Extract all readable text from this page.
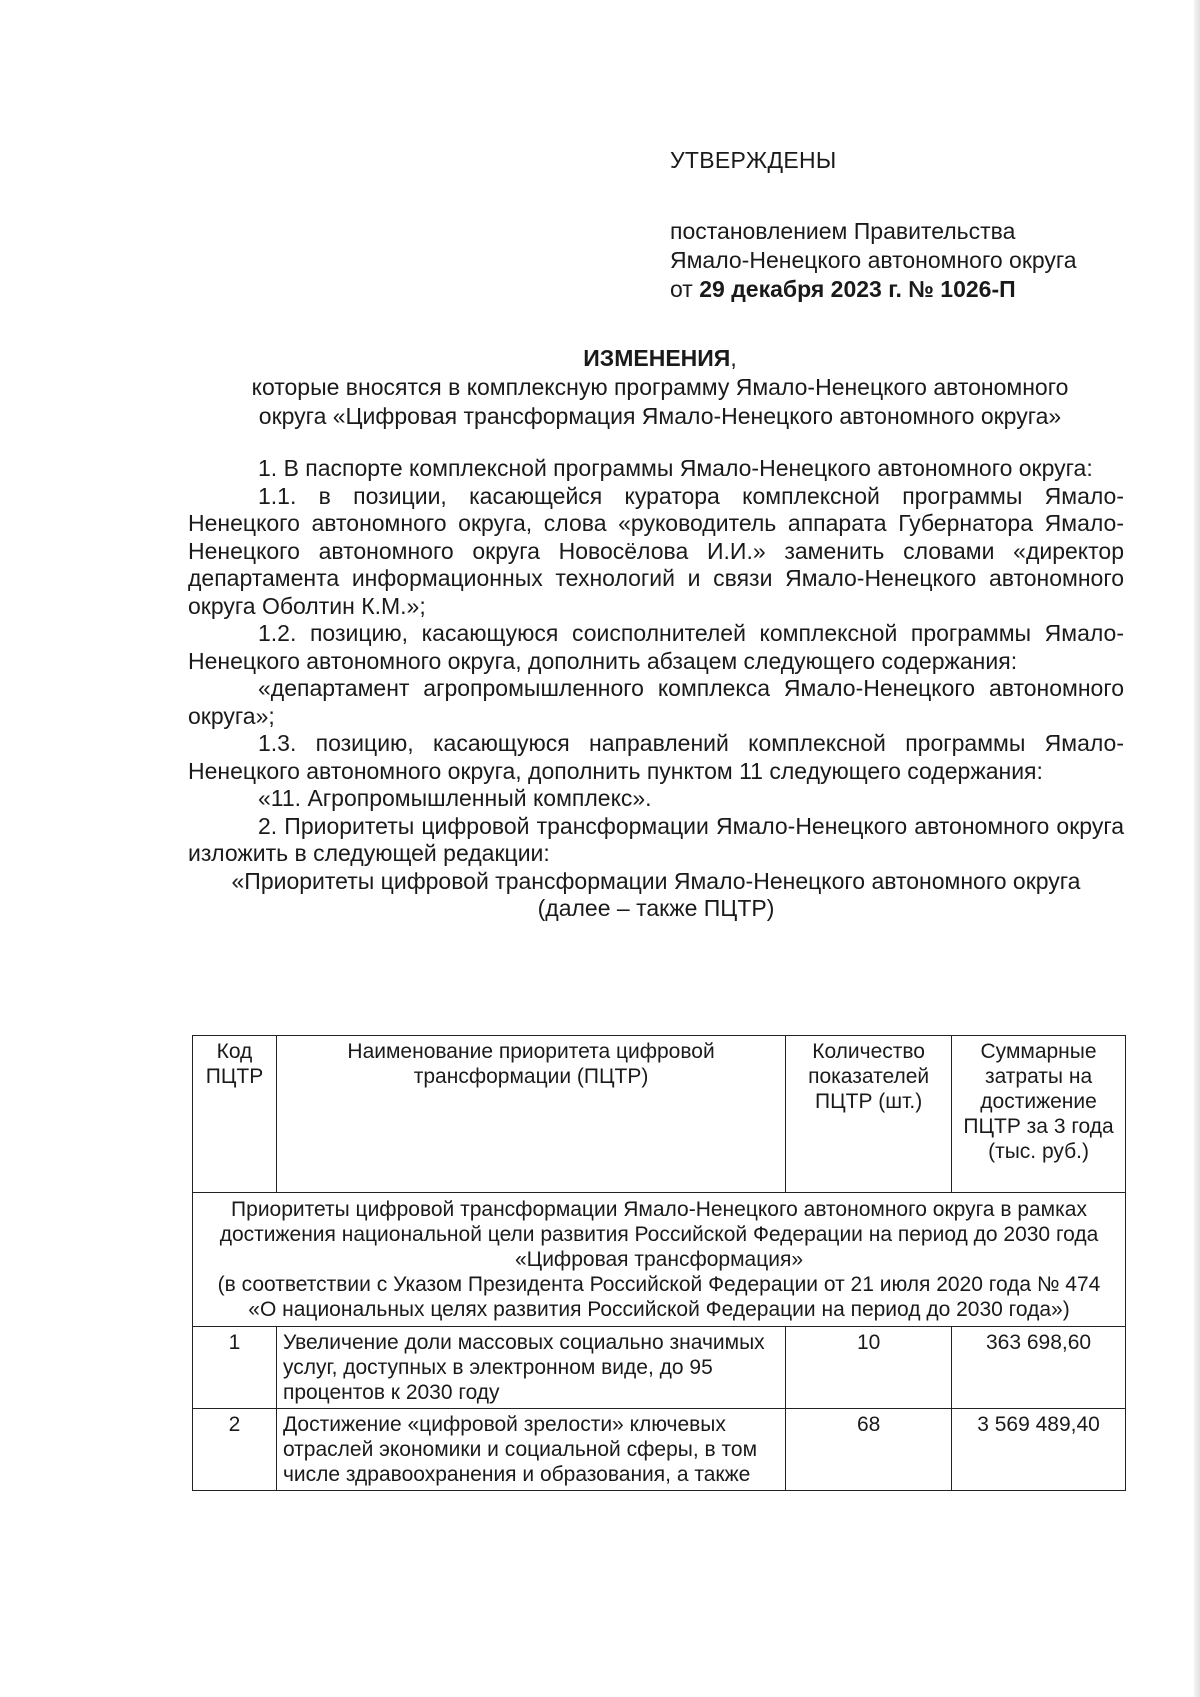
УТВЕРЖДЕНЫ
постановлением Правительства
Ямало-Ненецкого автономного округа
от 29 декабря 2023 г. № 1026-П
ИЗМЕНЕНИЯ,
которые вносятся в комплексную программу Ямало-Ненецкого автономного
округа «Цифровая трансформация Ямало-Ненецкого автономного округа»

1. В паспорте комплексной программы Ямало-Ненецкого автономного округа:

1.1. в позиции, касающейся куратора комплексной программы Ямало-Ненецкого автономного округа, слова «руководитель аппарата Губернатора Ямало-Ненецкого автономного округа Новосёлова И.И.» заменить словами «директор департамента информационных технологий и связи Ямало-Ненецкого автономного округа Оболтин К.М.»;

1.2. позицию, касающуюся соисполнителей комплексной программы Ямало-Ненецкого автономного округа, дополнить абзацем следующего содержания:

«департамент агропромышленного комплекса Ямало-Ненецкого автономного округа»;

1.3. позицию, касающуюся направлений комплексной программы Ямало-Ненецкого автономного округа, дополнить пунктом 11 следующего содержания:

«11. Агропромышленный комплекс».

2. Приоритеты цифровой трансформации Ямало-Ненецкого автономного округа изложить в следующей редакции:

«Приоритеты цифровой трансформации Ямало-Ненецкого автономного округа

(далее – также ПЦТР)

Код ПЦТР	Наименование приоритета цифровой трансформации (ПЦТР)	Количество показателей ПЦТР (шт.)	Суммарные затраты на достижение ПЦТР за 3 года (тыс. руб.)

Приоритеты цифровой трансформации Ямало-Ненецкого автономного округа в рамках достижения национальной цели развития Российской Федерации на период до 2030 года «Цифровая трансформация»
(в соответствии с Указом Президента Российской Федерации от 21 июля 2020 года № 474 «О национальных целях развития Российской Федерации на период до 2030 года»)			

1	Увеличение доли массовых социально значимых услуг, доступных в электронном виде, до 95 процентов к 2030 году	10	363 698,60
2	Достижение «цифровой зрелости» ключевых отраслей экономики и социальной сферы, в том числе здравоохранения и образования, а также	68	3 569 489,40
